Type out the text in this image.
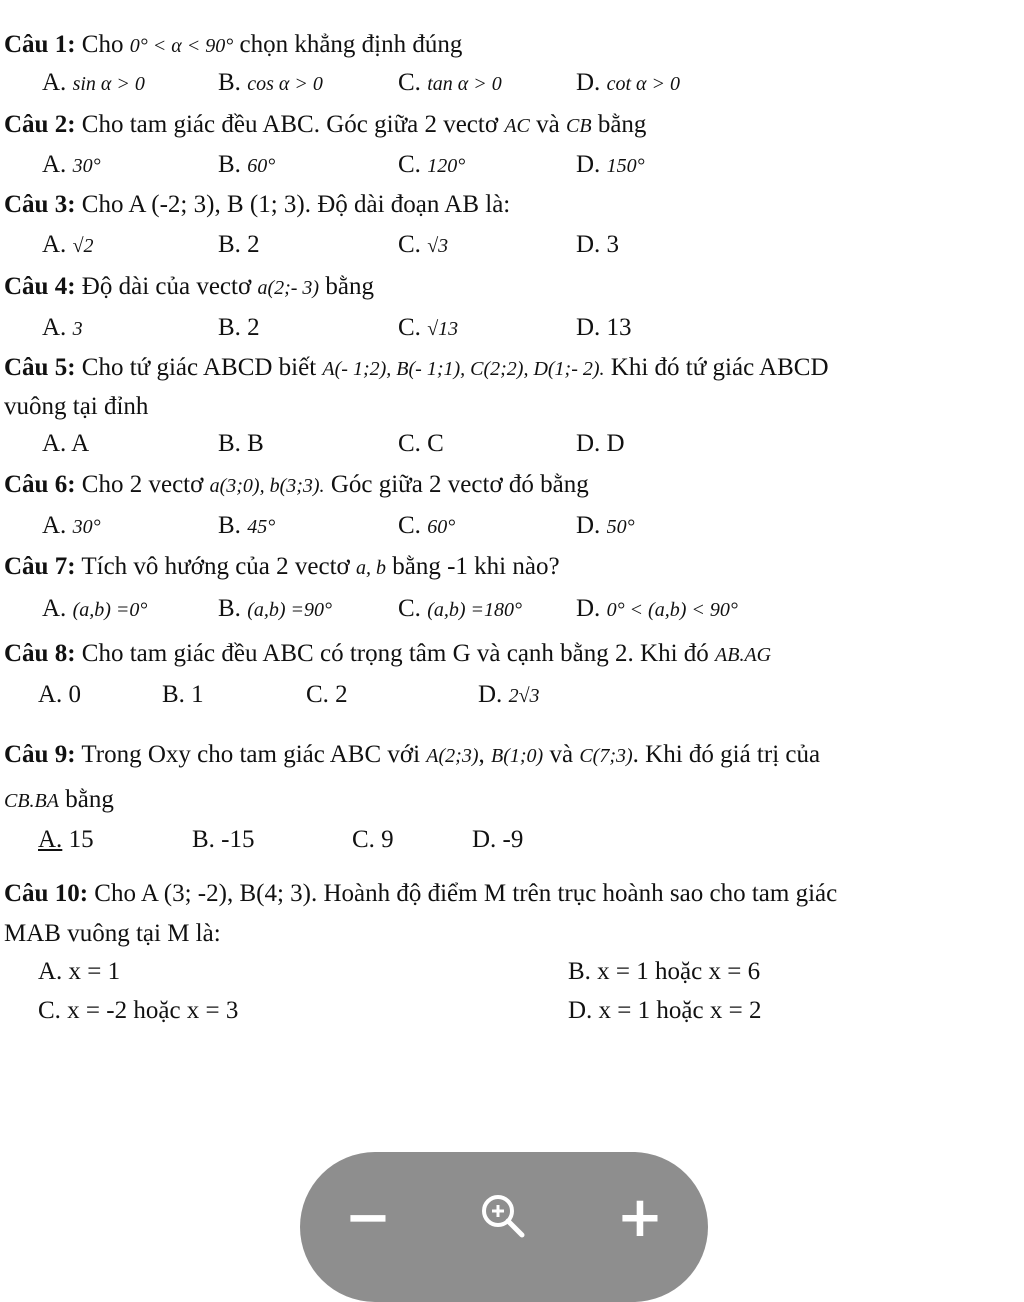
Câu 1: Cho 0° < α < 90° chọn khẳng định đúng
A. sin α > 0	B. cos α > 0	C. tan α > 0	D. cot α > 0
Câu 2: Cho tam giác đều ABC. Góc giữa 2 vectơ AC và CB bằng
A. 30°	B. 60°	C. 120°	D. 150°
Câu 3: Cho A (-2; 3), B (1; 3). Độ dài đoạn AB là:
A. √2	B. 2	C. √3	D. 3
Câu 4: Độ dài của vectơ a(2;- 3) bằng
A. 3	B. 2	C. √13	D. 13
Câu 5: Cho tứ giác ABCD biết A(- 1;2), B(- 1;1), C(2;2), D(1;- 2). Khi đó tứ giác ABCD
vuông tại đỉnh
A. A	B. B	C. C	D. D
Câu 6: Cho 2 vectơ a(3;0), b(3;3). Góc giữa 2 vectơ đó bằng
A. 30°	B. 45°	C. 60°	D. 50°
Câu 7: Tích vô hướng của 2 vectơ a, b bằng -1 khi nào?
A. (a,b) =0°	B. (a,b) =90°	C. (a,b) =180° D. 0° < (a,b) < 90°
Câu 8: Cho tam giác đều ABC có trọng tâm G và cạnh bằng 2. Khi đó AB.AG
A. 0	B. 1	C. 2	D. 2√3
Câu 9: Trong Oxy cho tam giác ABC với A(2;3), B(1;0) và C(7;3). Khi đó giá trị của
CB.BA bằng
A. 15	B. -15	C. 9	D. -9
Câu 10: Cho A (3; -2), B(4; 3). Hoành độ điểm M trên trục hoành sao cho tam giác
MAB vuông tại M là:
A. x = 1	B. x = 1 hoặc x = 6
C. x = -2 hoặc x = 3	D. x = 1 hoặc x = 2
−	+
